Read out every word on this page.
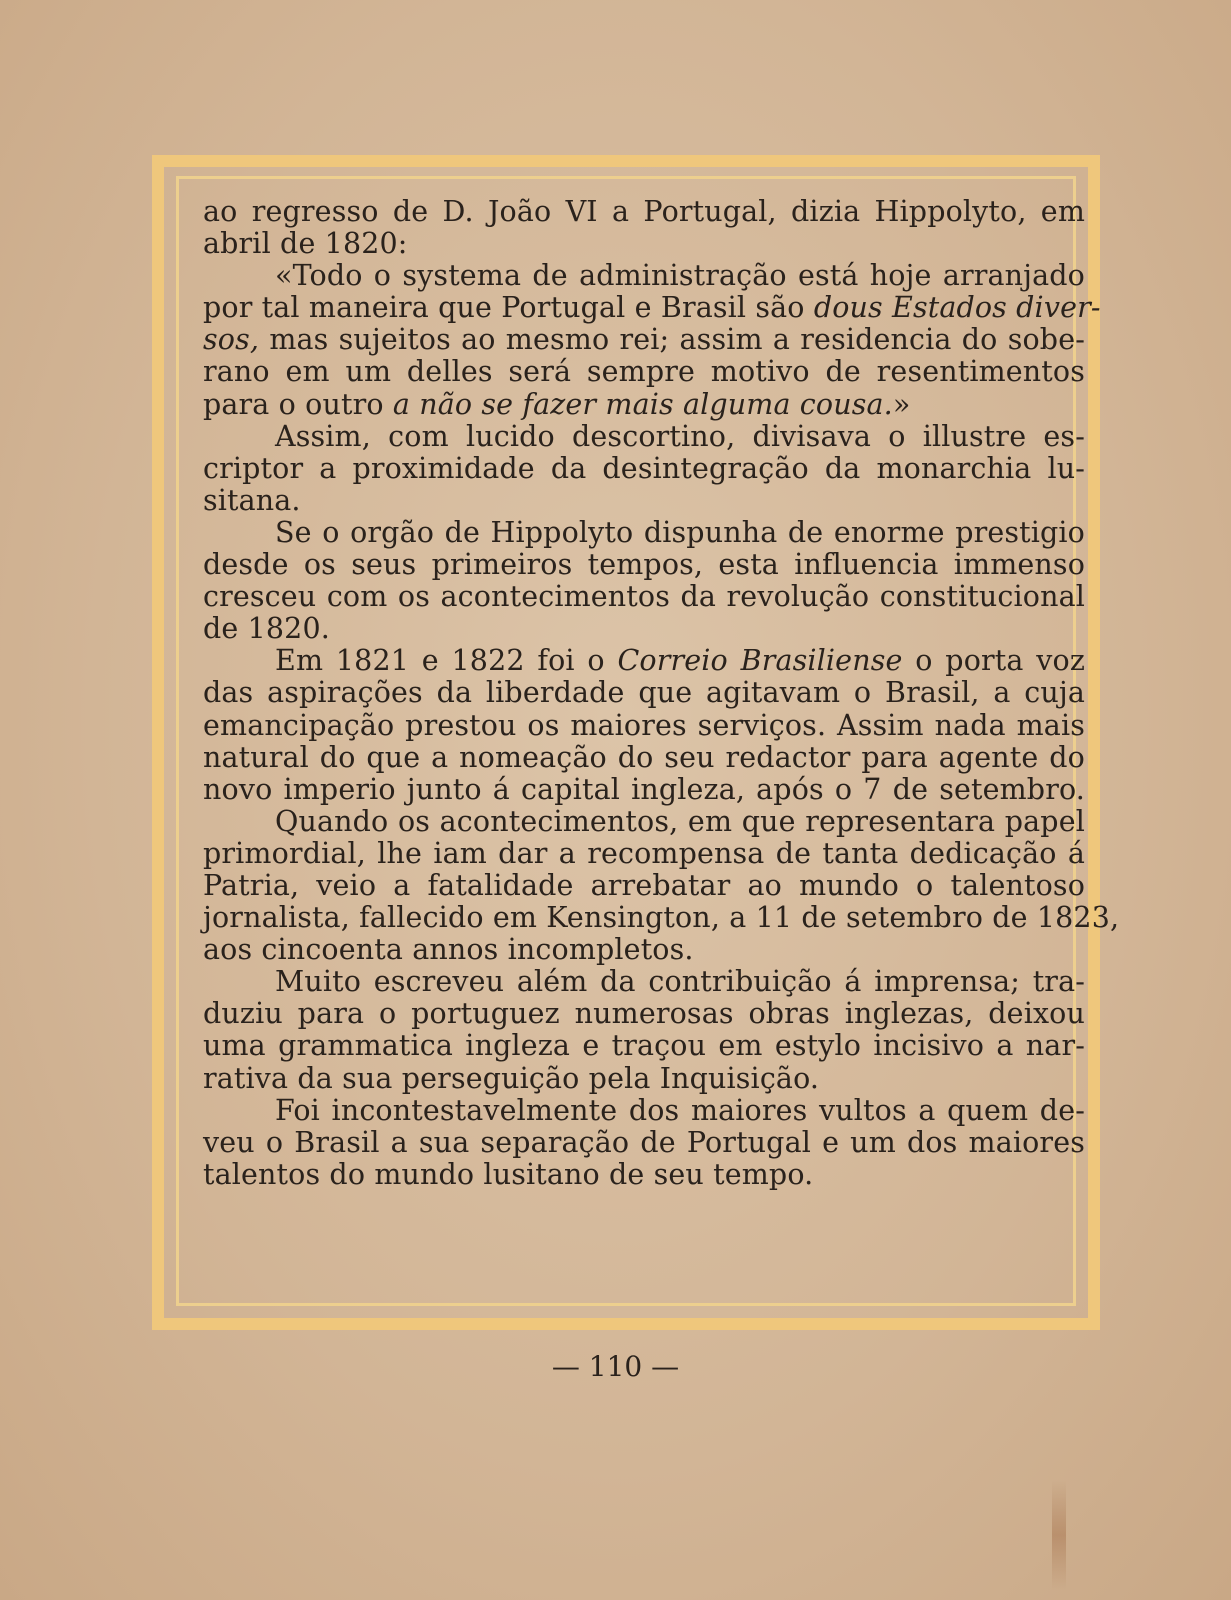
ao regresso de D. João VI a Portugal, dizia Hippolyto, em
abril de 1820:
«Todo o systema de administração está hoje arranjado
por tal maneira que Portugal e Brasil são dous Estados diver-
sos, mas sujeitos ao mesmo rei; assim a residencia do sobe-
rano em um delles será sempre motivo de resentimentos
para o outro a não se fazer mais alguma cousa.»
Assim, com lucido descortino, divisava o illustre es-
criptor a proximidade da desintegração da monarchia lu-
sitana.
Se o orgão de Hippolyto dispunha de enorme prestigio
desde os seus primeiros tempos, esta influencia immenso
cresceu com os acontecimentos da revolução constitucional
de 1820.
Em 1821 e 1822 foi o Correio Brasiliense o porta voz
das aspirações da liberdade que agitavam o Brasil, a cuja
emancipação prestou os maiores serviços. Assim nada mais
natural do que a nomeação do seu redactor para agente do
novo imperio junto á capital ingleza, após o 7 de setembro.
Quando os acontecimentos, em que representara papel
primordial, lhe iam dar a recompensa de tanta dedicação á
Patria, veio a fatalidade arrebatar ao mundo o talentoso
jornalista, fallecido em Kensington, a 11 de setembro de 1823,
aos cincoenta annos incompletos.
Muito escreveu além da contribuição á imprensa; tra-
duziu para o portuguez numerosas obras inglezas, deixou
uma grammatica ingleza e traçou em estylo incisivo a nar-
rativa da sua perseguição pela Inquisição.
Foi incontestavelmente dos maiores vultos a quem de-
veu o Brasil a sua separação de Portugal e um dos maiores
talentos do mundo lusitano de seu tempo.
— 110 —
